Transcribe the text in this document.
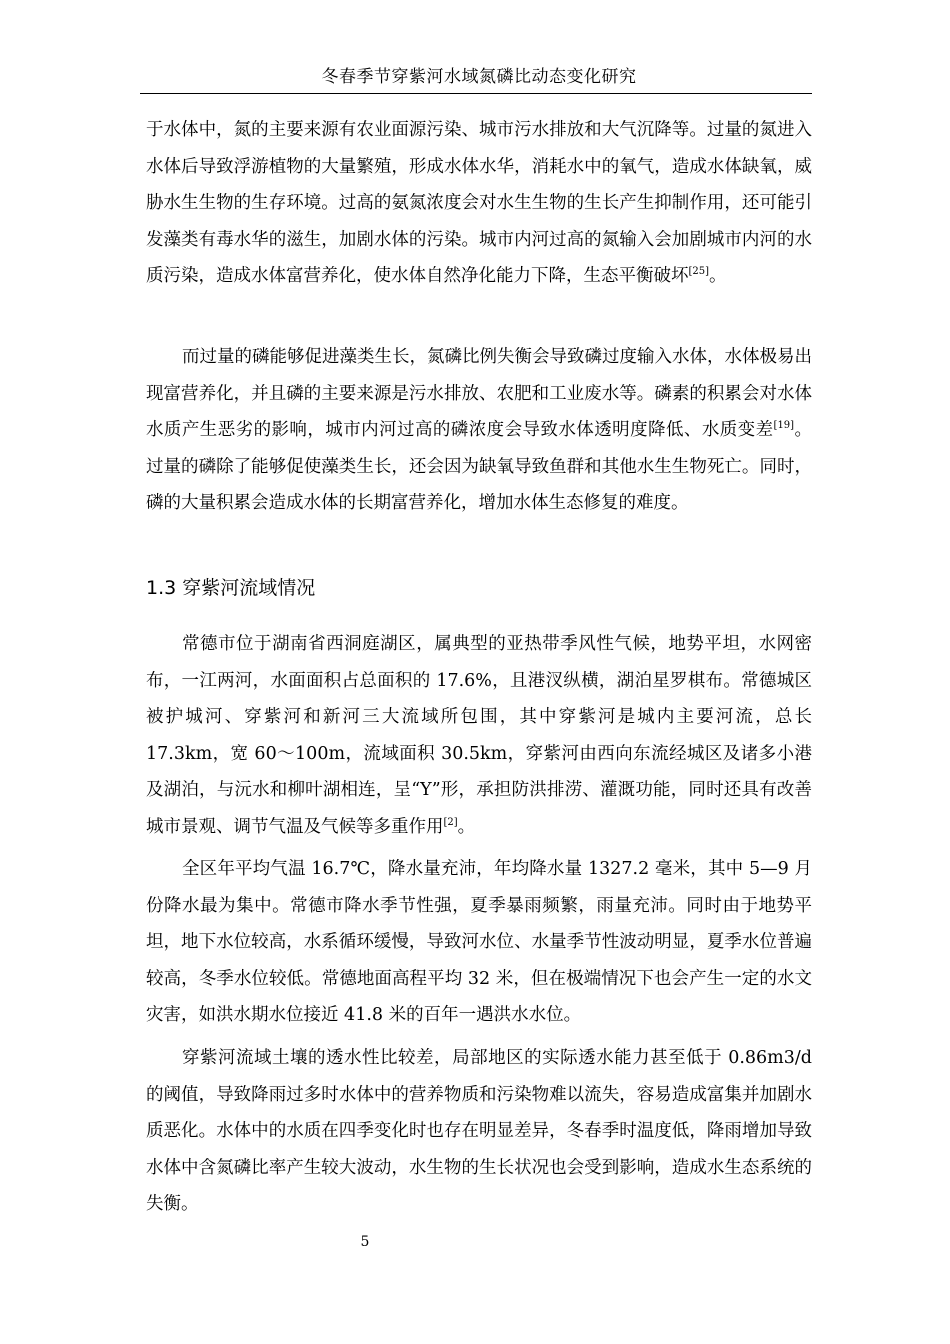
冬春季节穿紫河水域氮磷比动态变化研究

于水体中，氮的主要来源有农业面源污染、城市污水排放和大气沉降等。过量的氮进入水体后导致浮游植物的大量繁殖，形成水体水华，消耗水中的氧气，造成水体缺氧，威胁水生生物的生存环境。过高的氨氮浓度会对水生生物的生长产生抑制作用，还可能引发藻类有毒水华的滋生，加剧水体的污染。城市内河过高的氮输入会加剧城市内河的水质污染，造成水体富营养化，使水体自然净化能力下降，生态平衡破坏[25]。

而过量的磷能够促进藻类生长，氮磷比例失衡会导致磷过度输入水体，水体极易出现富营养化，并且磷的主要来源是污水排放、农肥和工业废水等。磷素的积累会对水体水质产生恶劣的影响，城市内河过高的磷浓度会导致水体透明度降低、水质变差[19]。过量的磷除了能够促使藻类生长，还会因为缺氧导致鱼群和其他水生生物死亡。同时，磷的大量积累会造成水体的长期富营养化，增加水体生态修复的难度。

1.3 穿紫河流域情况

常德市位于湖南省西洞庭湖区，属典型的亚热带季风性气候，地势平坦，水网密布，一江两河，水面面积占总面积的 17.6%，且港汊纵横，湖泊星罗棋布。常德城区被护城河、穿紫河和新河三大流域所包围，其中穿紫河是城内主要河流，总长 17.3km，宽 60～100m，流域面积 30.5km，穿紫河由西向东流经城区及诸多小港及湖泊，与沅水和柳叶湖相连，呈“Y”形，承担防洪排涝、灌溉功能，同时还具有改善城市景观、调节气温及气候等多重作用[2]。

全区年平均气温 16.7℃，降水量充沛，年均降水量 1327.2 毫米，其中 5—9 月份降水最为集中。常德市降水季节性强，夏季暴雨频繁，雨量充沛。同时由于地势平坦，地下水位较高，水系循环缓慢，导致河水位、水量季节性波动明显，夏季水位普遍较高，冬季水位较低。常德地面高程平均 32 米，但在极端情况下也会产生一定的水文灾害，如洪水期水位接近 41.8 米的百年一遇洪水水位。

穿紫河流域土壤的透水性比较差，局部地区的实际透水能力甚至低于 0.86m3/d 的阈值，导致降雨过多时水体中的营养物质和污染物难以流失，容易造成富集并加剧水质恶化。水体中的水质在四季变化时也存在明显差异，冬春季时温度低，降雨增加导致水体中含氮磷比率产生较大波动，水生物的生长状况也会受到影响，造成水生态系统的失衡。

5
